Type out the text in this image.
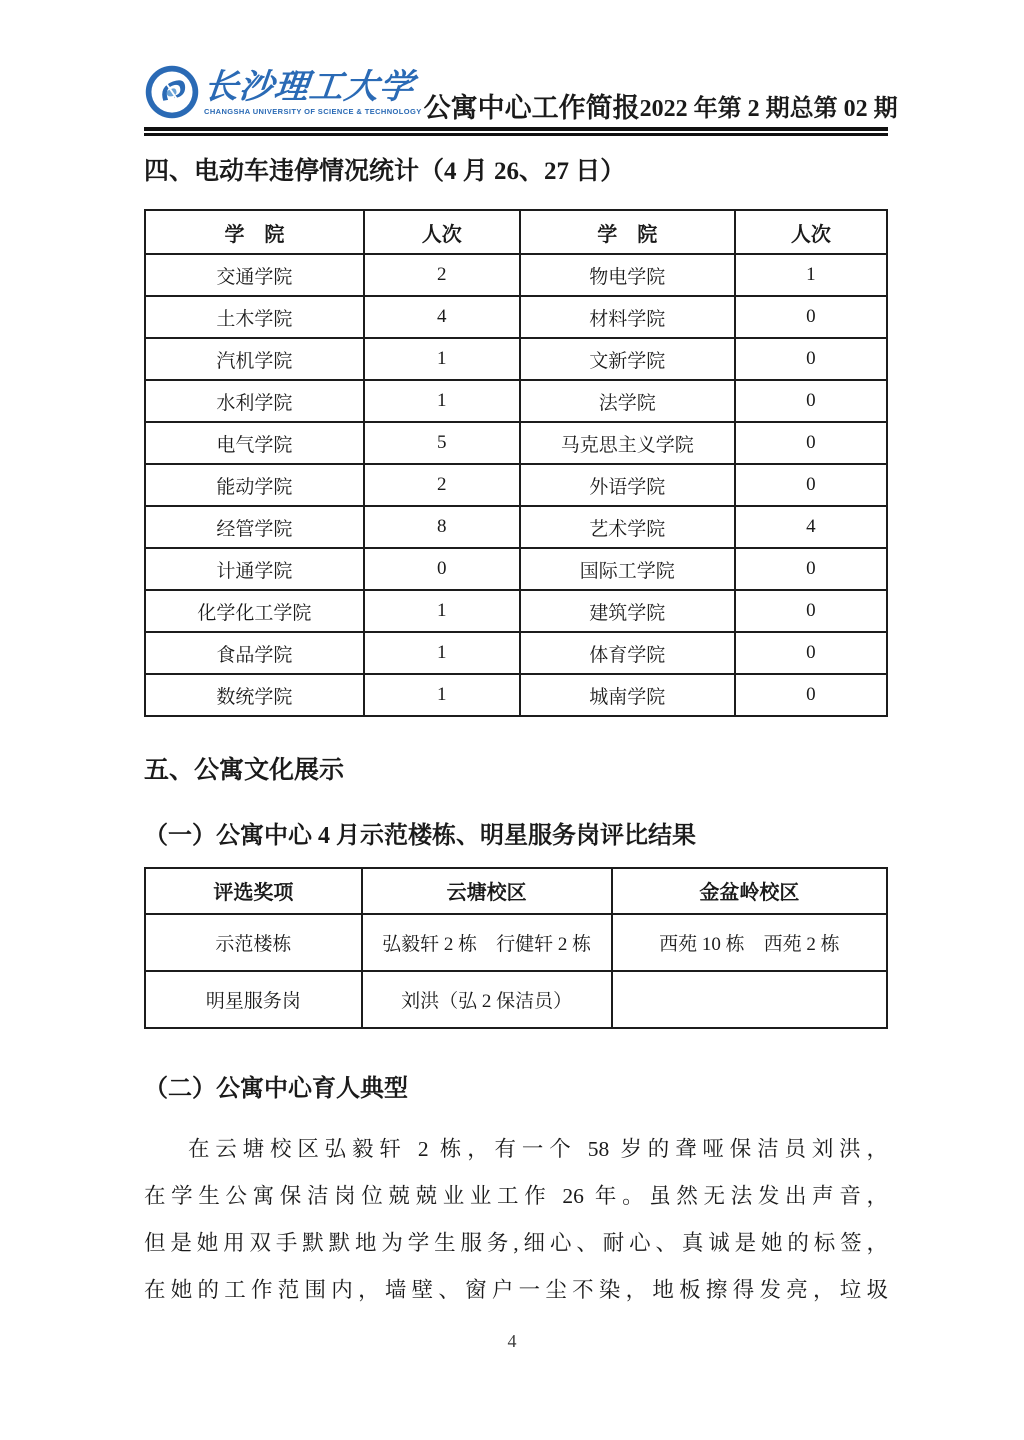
长沙理工大学
CHANGSHA UNIVERSITY OF SCIENCE & TECHNOLOGY 公寓中心工作简报 2022 年第 2 期总第 02 期
四、电动车违停情况统计（4 月 26、27 日）
学　院	人次	学　院	人次
交通学院	2	物电学院	1
土木学院	4	材料学院	0
汽机学院	1	文新学院	0
水利学院	1	法学院	0
电气学院	5	马克思主义学院	0
能动学院	2	外语学院	0
经管学院	8	艺术学院	4
计通学院	0	国际工学院	0
化学化工学院	1	建筑学院	0
食品学院	1	体育学院	0
数统学院	1	城南学院	0
五、公寓文化展示
（一）公寓中心 4 月示范楼栋、明星服务岗评比结果
评选奖项	云塘校区	金盆岭校区
示范楼栋	弘毅轩 2 栋　行健轩 2 栋	西苑 10 栋　西苑 2 栋
明星服务岗	刘洪（弘 2 保洁员）	
（二）公寓中心育人典型
在云塘校区弘毅轩 2 栋，有一个 58 岁的聋哑保洁员刘洪，
在学生公寓保洁岗位兢兢业业工作 26 年。虽然无法发出声音，
但是她用双手默默地为学生服务,细心、耐心、真诚是她的标签，
在她的工作范围内，墙壁、窗户一尘不染，地板擦得发亮，垃圾
4
